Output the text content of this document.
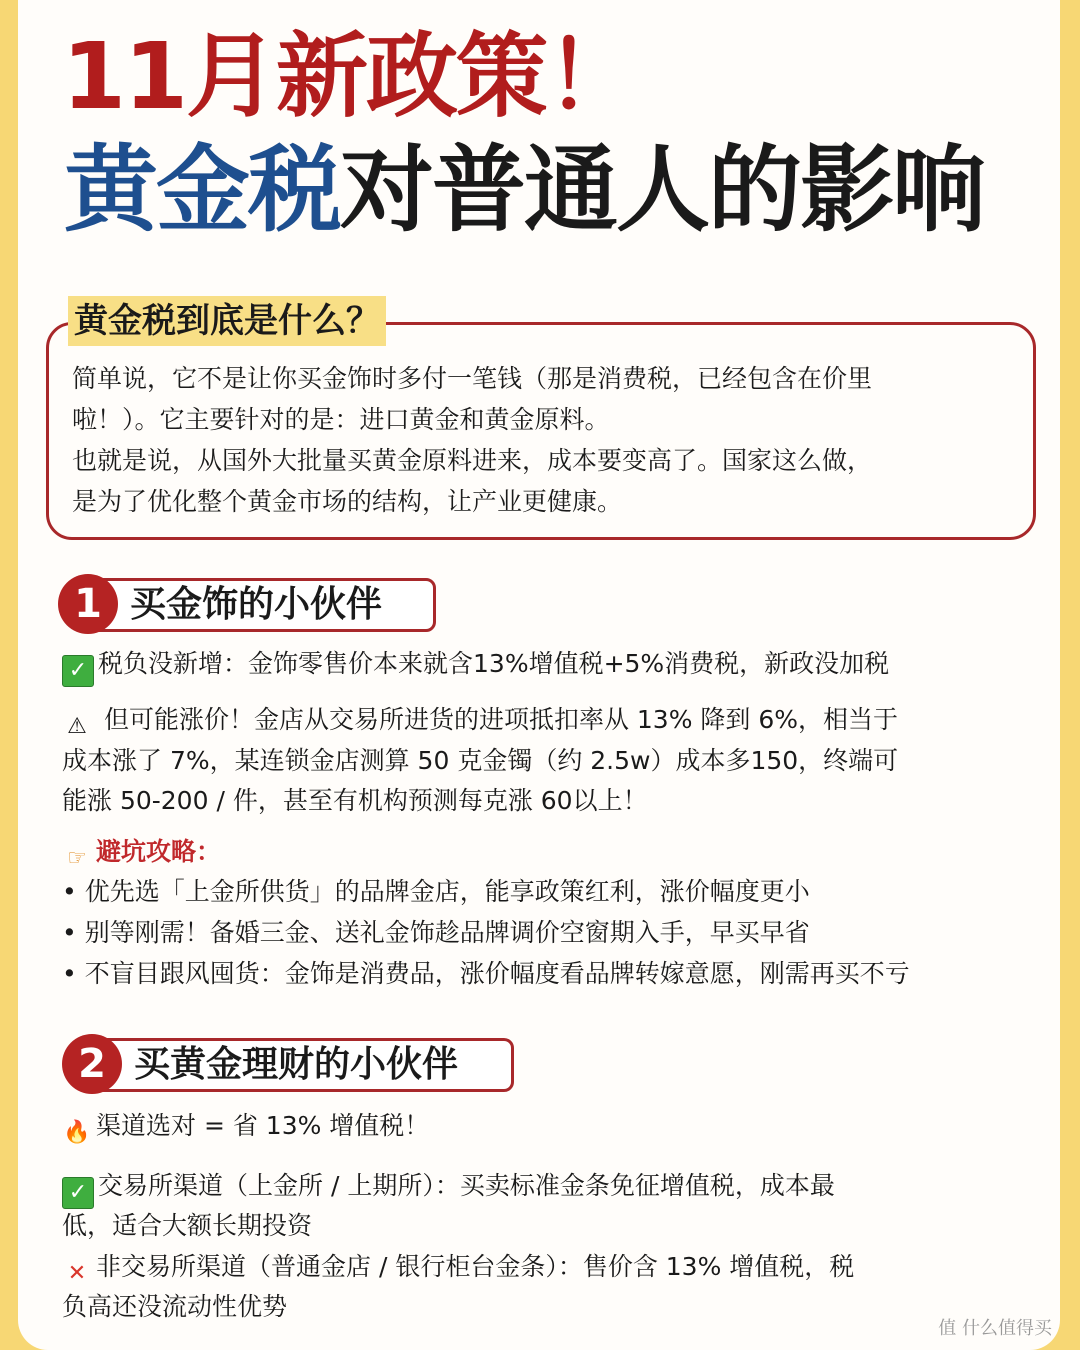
11月新政策！
黄金税对普通人的影响
黄金税到底是什么？
简单说，它不是让你买金饰时多付一笔钱（那是消费税，已经包含在价里
啦！）。它主要针对的是：进口黄金和黄金原料。
也就是说，从国外大批量买黄金原料进来，成本要变高了。国家这么做，
是为了优化整个黄金市场的结构，让产业更健康。
1 买金饰的小伙伴
✓ 税负没新增：金饰零售价本来就含13%增值税+5%消费税，新政没加税
⚠ 但可能涨价！金店从交易所进货的进项抵扣率从 13% 降到 6%，相当于
成本涨了 7%，某连锁金店测算 50 克金镯（约 2.5w）成本多150，终端可
能涨 50-200 / 件，甚至有机构预测每克涨 60以上！
☞ 避坑攻略：
• 优先选「上金所供货」的品牌金店，能享政策红利，涨价幅度更小
• 别等刚需！备婚三金、送礼金饰趁品牌调价空窗期入手，早买早省
• 不盲目跟风囤货：金饰是消费品，涨价幅度看品牌转嫁意愿，刚需再买不亏
2 买黄金理财的小伙伴
🔥 渠道选对 = 省 13% 增值税！
✓ 交易所渠道（上金所 / 上期所）：买卖标准金条免征增值税，成本最
低，适合大额长期投资
✕ 非交易所渠道（普通金店 / 银行柜台金条）：售价含 13% 增值税，税
负高还没流动性优势
值 什么值得买
